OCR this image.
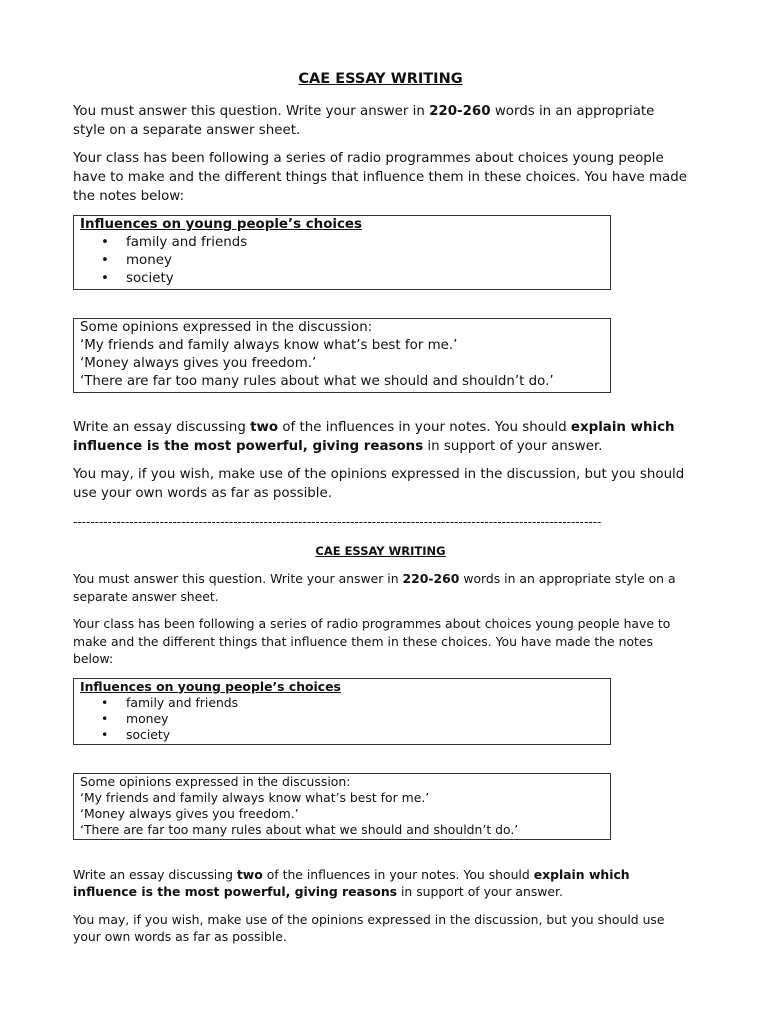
CAE ESSAY WRITING

You must answer this question. Write your answer in 220-260 words in an appropriate style on a separate answer sheet.

Your class has been following a series of radio programmes about choices young people have to make and the different things that influence them in these choices. You have made the notes below:

Influences on young people’s choices
• family and friends
• money
• society
Some opinions expressed in the discussion:
‘My friends and family always know what’s best for me.’
‘Money always gives you freedom.’
‘There are far too many rules about what we should and shouldn’t do.’

Write an essay discussing two of the influences in your notes. You should explain which influence is the most powerful, giving reasons in support of your answer.

You may, if you wish, make use of the opinions expressed in the discussion, but you should use your own words as far as possible.

--------------------------------------------------------------------------------------------------------------------------
CAE ESSAY WRITING

You must answer this question. Write your answer in 220-260 words in an appropriate style on a separate answer sheet.

Your class has been following a series of radio programmes about choices young people have to make and the different things that influence them in these choices. You have made the notes below:

Influences on young people’s choices
• family and friends
• money
• society
Some opinions expressed in the discussion:
‘My friends and family always know what’s best for me.’
‘Money always gives you freedom.’
‘There are far too many rules about what we should and shouldn’t do.’

Write an essay discussing two of the influences in your notes. You should explain which influence is the most powerful, giving reasons in support of your answer.

You may, if you wish, make use of the opinions expressed in the discussion, but you should use your own words as far as possible.
